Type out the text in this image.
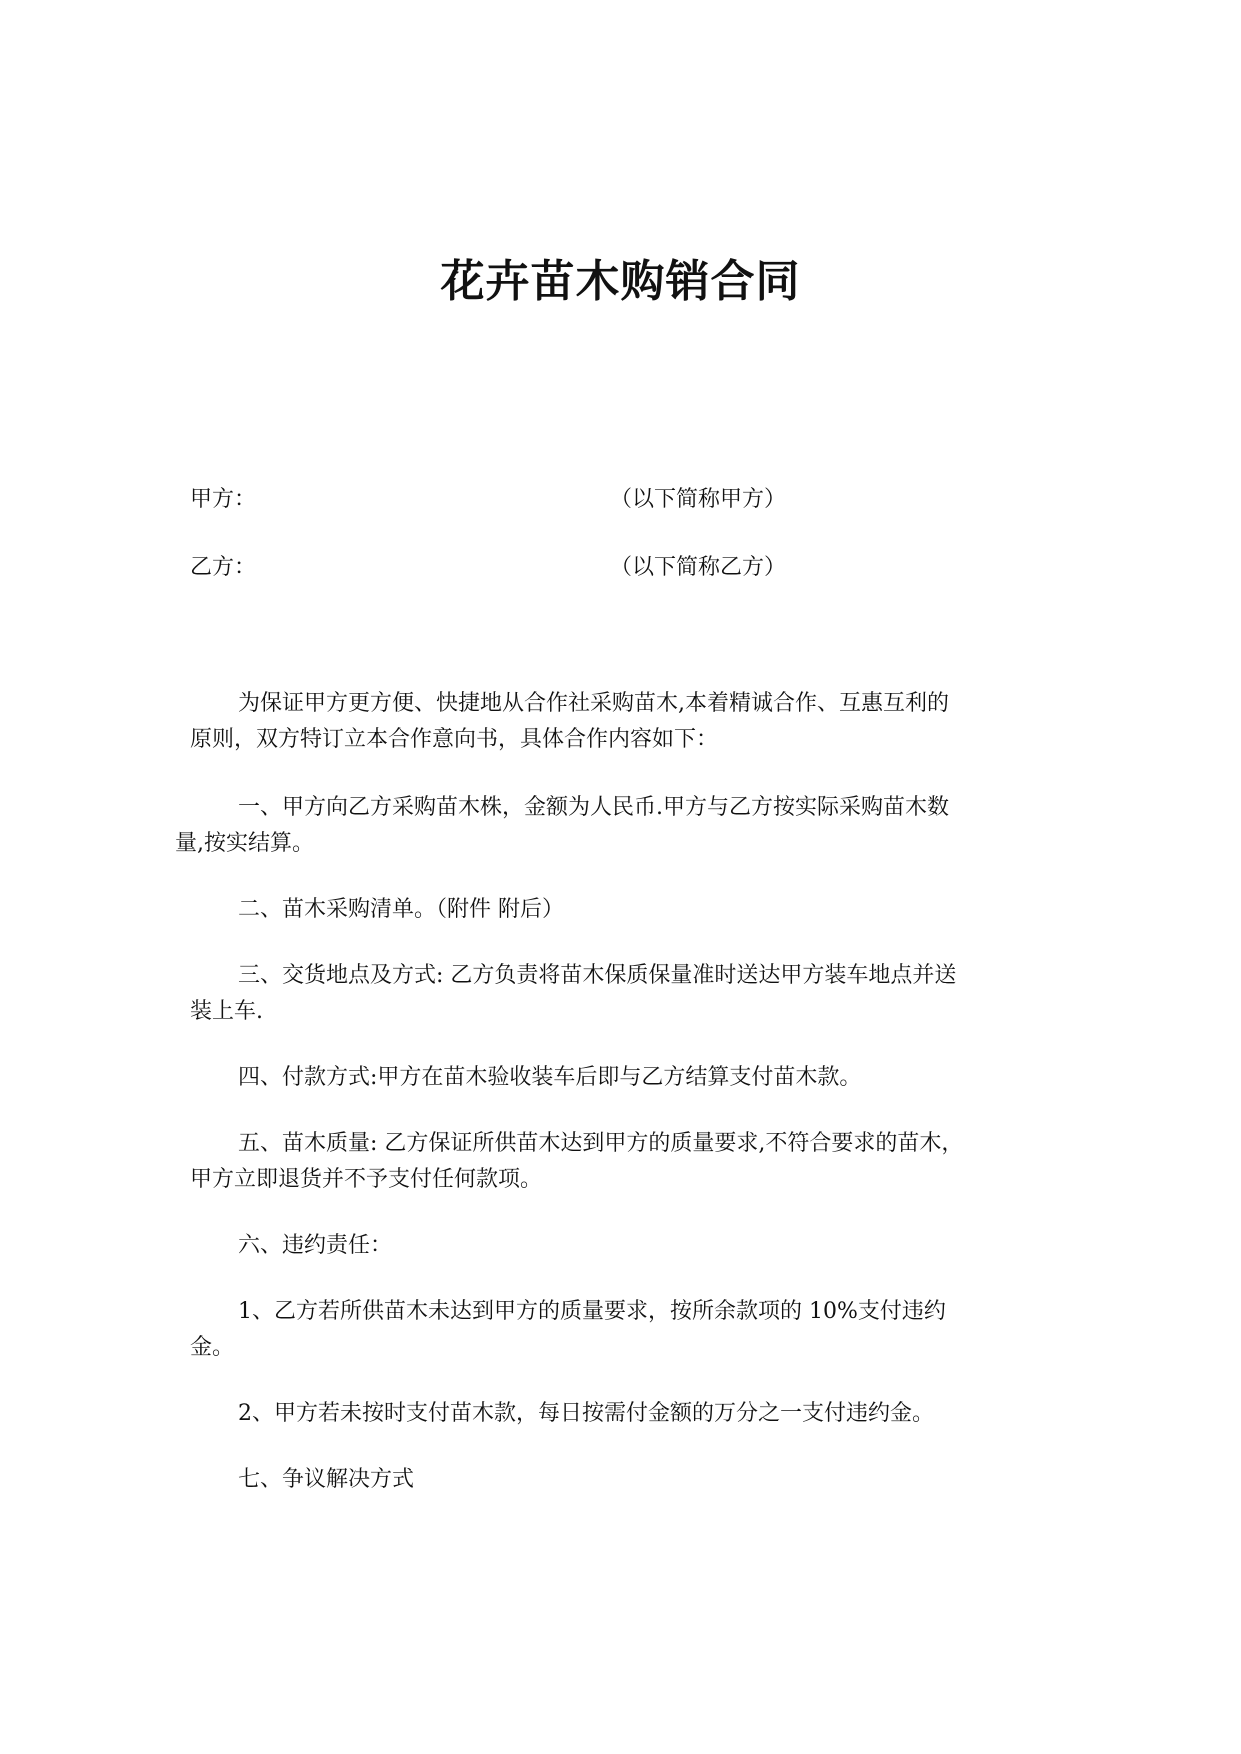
花卉苗木购销合同
甲方：	（以下简称甲方）
乙方：	（以下简称乙方）
为保证甲方更方便、快捷地从合作社采购苗木,本着精诚合作、互惠互利的
原则，双方特订立本合作意向书，具体合作内容如下：
一、甲方向乙方采购苗木株，金额为人民币.甲方与乙方按实际采购苗木数
量,按实结算。
二、苗木采购清单。（附件 附后）
三、交货地点及方式: 乙方负责将苗木保质保量准时送达甲方装车地点并送
装上车.
四、付款方式:甲方在苗木验收装车后即与乙方结算支付苗木款。
五、苗木质量: 乙方保证所供苗木达到甲方的质量要求,不符合要求的苗木，
甲方立即退货并不予支付任何款项。
六、违约责任：
1、乙方若所供苗木未达到甲方的质量要求，按所余款项的 10%支付违约
金。
2、甲方若未按时支付苗木款，每日按需付金额的万分之一支付违约金。
七、争议解决方式
